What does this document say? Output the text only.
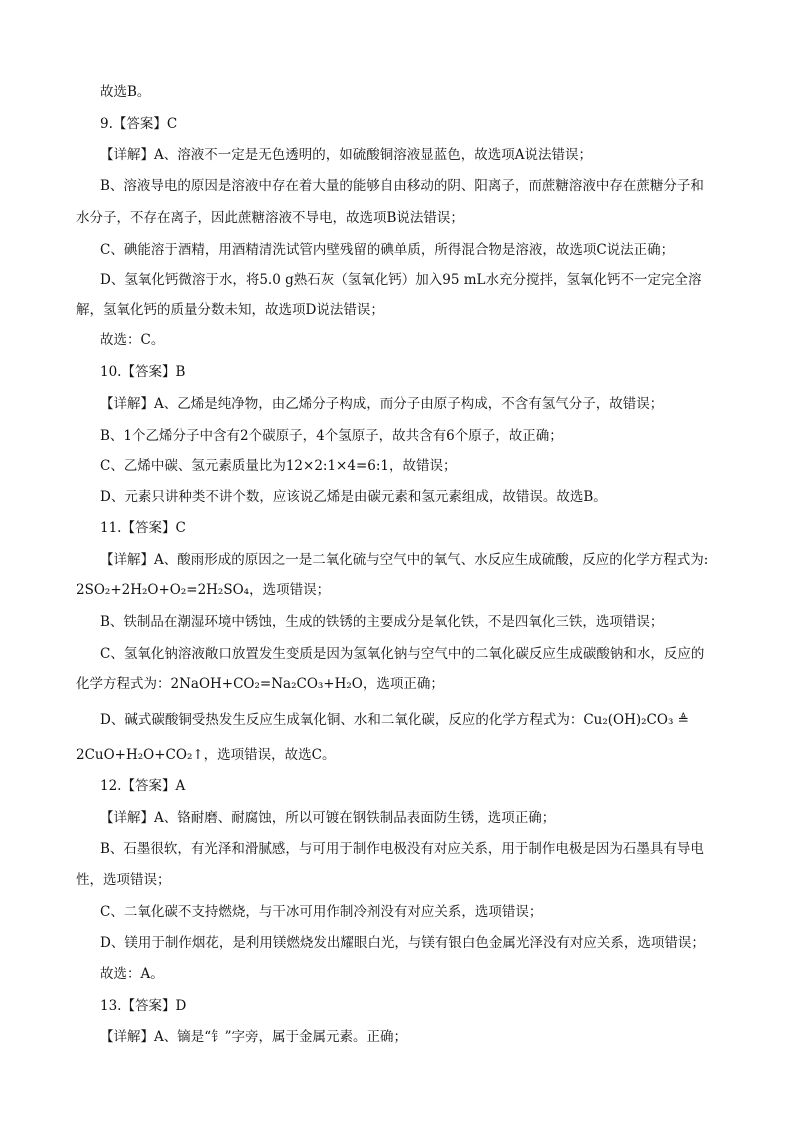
故选B。
9.【答案】C
【详解】A、溶液不一定是无色透明的，如硫酸铜溶液显蓝色，故选项A说法错误；
B、溶液导电的原因是溶液中存在着大量的能够自由移动的阴、阳离子，而蔗糖溶液中存在蔗糖分子和
水分子，不存在离子，因此蔗糖溶液不导电，故选项B说法错误；
C、碘能溶于酒精，用酒精清洗试管内壁残留的碘单质，所得混合物是溶液，故选项C说法正确；
D、氢氧化钙微溶于水，将5.0 g熟石灰（氢氧化钙）加入95 mL水充分搅拌，氢氧化钙不一定完全溶
解，氢氧化钙的质量分数未知，故选项D说法错误；
故选：C。
10.【答案】B
【详解】A、乙烯是纯净物，由乙烯分子构成，而分子由原子构成，不含有氢气分子，故错误；
B、1个乙烯分子中含有2个碳原子，4个氢原子，故共含有6个原子，故正确；
C、乙烯中碳、氢元素质量比为12×2:1×4=6:1，故错误；
D、元素只讲种类不讲个数，应该说乙烯是由碳元素和氢元素组成，故错误。故选B。
11.【答案】C
【详解】A、酸雨形成的原因之一是二氧化硫与空气中的氧气、水反应生成硫酸，反应的化学方程式为:
2SO₂+2H₂O+O₂=2H₂SO₄，选项错误；
B、铁制品在潮湿环境中锈蚀，生成的铁锈的主要成分是氧化铁，不是四氧化三铁，选项错误；
C、氢氧化钠溶液敞口放置发生变质是因为氢氧化钠与空气中的二氧化碳反应生成碳酸钠和水，反应的
化学方程式为：2NaOH+CO₂=Na₂CO₃+H₂O，选项正确；
D、碱式碳酸铜受热发生反应生成氧化铜、水和二氧化碳，反应的化学方程式为：Cu₂(OH)₂CO₃ ≜
2CuO+H₂O+CO₂↑，选项错误，故选C。
12.【答案】A
【详解】A、铬耐磨、耐腐蚀，所以可镀在钢铁制品表面防生锈，选项正确；
B、石墨很软，有光泽和滑腻感，与可用于制作电极没有对应关系，用于制作电极是因为石墨具有导电
性，选项错误；
C、二氧化碳不支持燃烧，与干冰可用作制冷剂没有对应关系，选项错误；
D、镁用于制作烟花，是利用镁燃烧发出耀眼白光，与镁有银白色金属光泽没有对应关系，选项错误；
故选：A。
13.【答案】D
【详解】A、镝是“钅”字旁，属于金属元素。正确；
